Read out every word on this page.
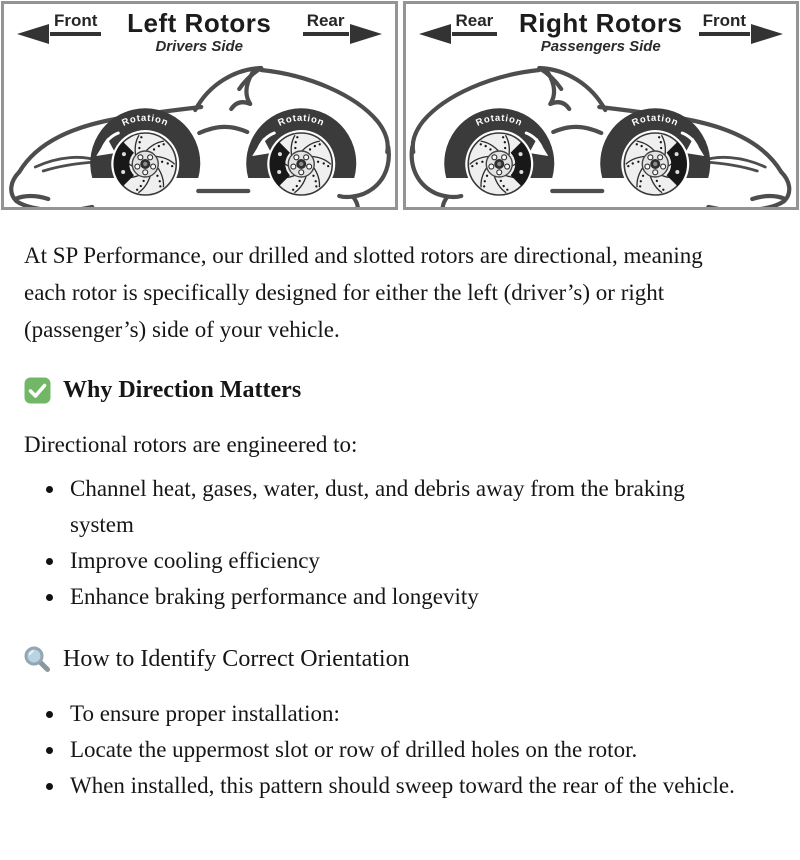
Front	Left Rotors
Drivers Side
Rear
Rotation	Rotation
Rear Right Rotors
Passengers Side
Front
Rotation
Rotation

At SP Performance, our drilled and slotted rotors are directional, meaning each rotor is specifically designed for either the left (driver’s) or right (passenger’s) side of your vehicle.

Why Direction Matters

Directional rotors are engineered to:

• Channel heat, gases, water, dust, and debris away from the braking system
• Improve cooling efficiency
• Enhance braking performance and longevity
How to Identify Correct Orientation
• To ensure proper installation:
• Locate the uppermost slot or row of drilled holes on the rotor.
• When installed, this pattern should sweep toward the rear of the vehicle.
